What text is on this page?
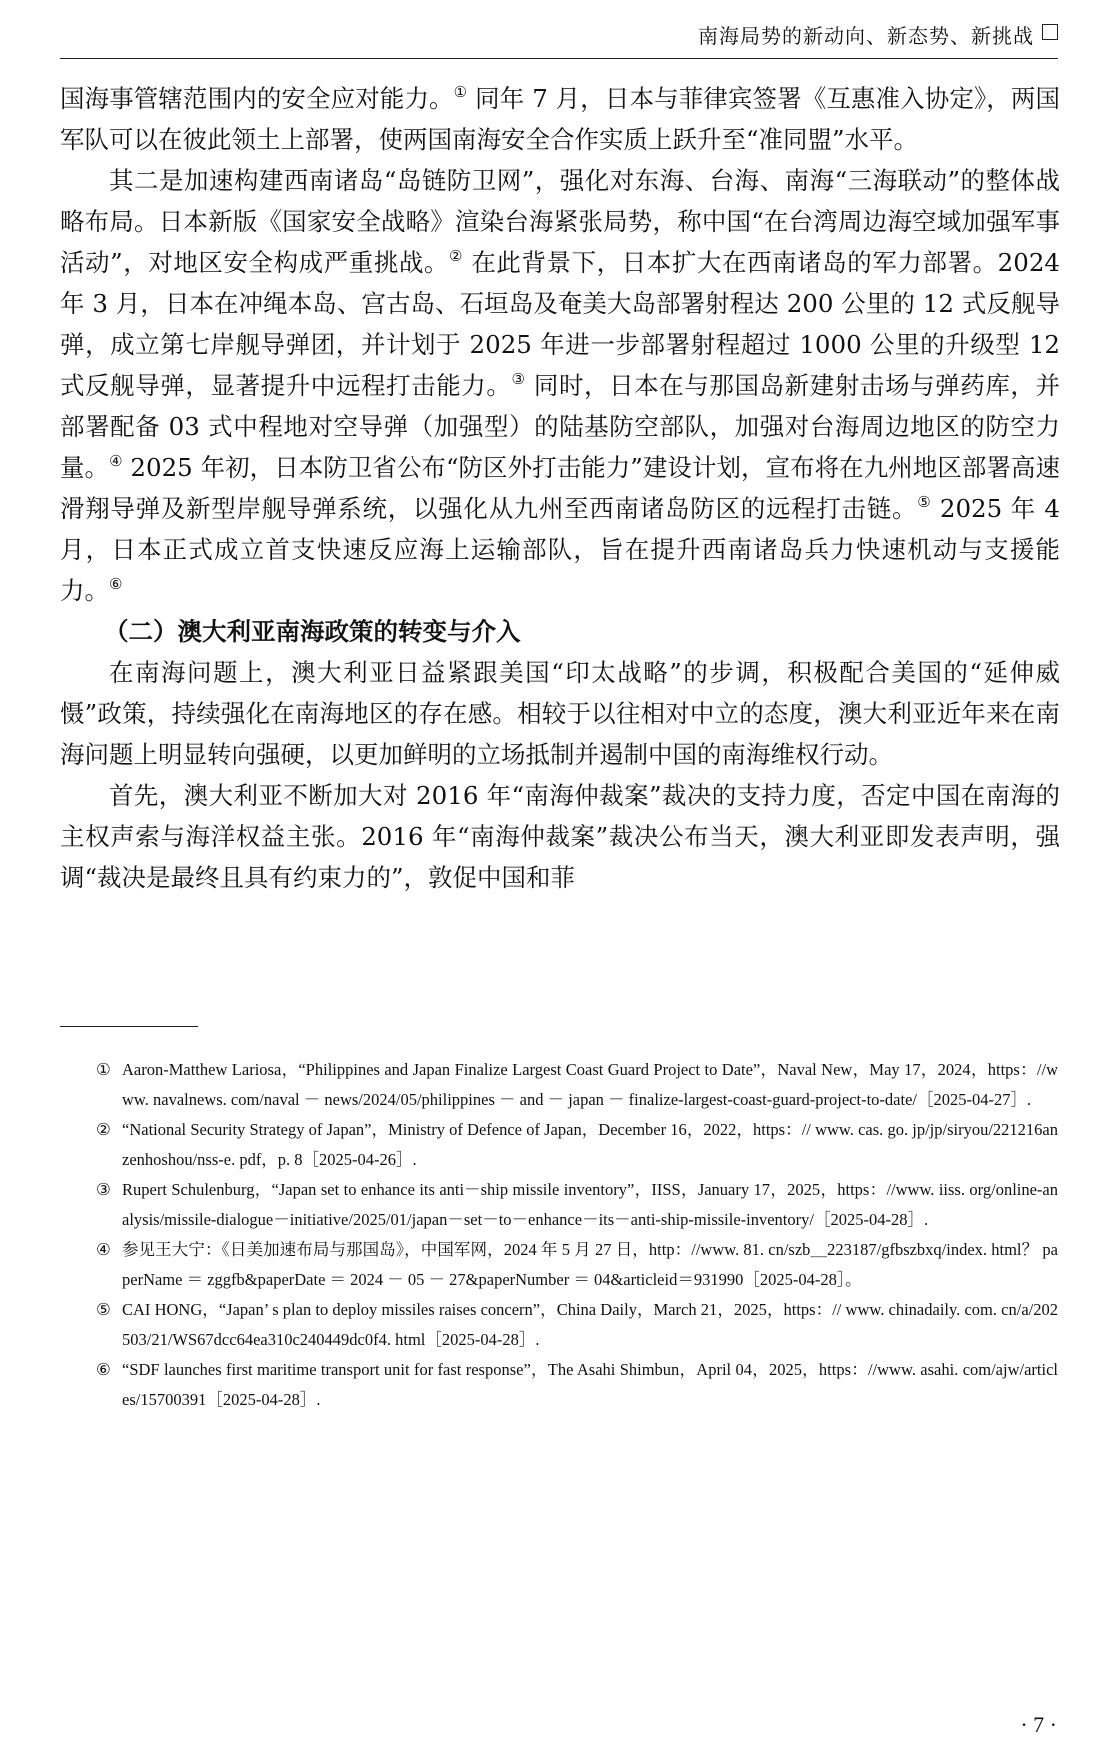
南海局势的新动向、新态势、新挑战

国海事管辖范围内的安全应对能力。① 同年 7 月，日本与菲律宾签署《互惠准入协定》，两国军队可以在彼此领土上部署，使两国南海安全合作实质上跃升至“准同盟”水平。

其二是加速构建西南诸岛“岛链防卫网”，强化对东海、台海、南海“三海联动”的整体战略布局。日本新版《国家安全战略》渲染台海紧张局势，称中国“在台湾周边海空域加强军事活动”，对地区安全构成严重挑战。② 在此背景下，日本扩大在西南诸岛的军力部署。2024 年 3 月，日本在冲绳本岛、宫古岛、石垣岛及奄美大岛部署射程达 200 公里的 12 式反舰导弹，成立第七岸舰导弹团，并计划于 2025 年进一步部署射程超过 1000 公里的升级型 12 式反舰导弹，显著提升中远程打击能力。③ 同时，日本在与那国岛新建射击场与弹药库，并部署配备 03 式中程地对空导弹（加强型）的陆基防空部队，加强对台海周边地区的防空力量。④ 2025 年初，日本防卫省公布“防区外打击能力”建设计划，宣布将在九州地区部署高速滑翔导弹及新型岸舰导弹系统，以强化从九州至西南诸岛防区的远程打击链。⑤ 2025 年 4 月，日本正式成立首支快速反应海上运输部队，旨在提升西南诸岛兵力快速机动与支援能力。⑥

（二）澳大利亚南海政策的转变与介入

在南海问题上，澳大利亚日益紧跟美国“印太战略”的步调，积极配合美国的“延伸威慑”政策，持续强化在南海地区的存在感。相较于以往相对中立的态度，澳大利亚近年来在南海问题上明显转向强硬，以更加鲜明的立场抵制并遏制中国的南海维权行动。

首先，澳大利亚不断加大对 2016 年“南海仲裁案”裁决的支持力度，否定中国在南海的主权声索与海洋权益主张。2016 年“南海仲裁案”裁决公布当天，澳大利亚即发表声明，强调“裁决是最终且具有约束力的”，敦促中国和菲

① Aaron-Matthew Lariosa，“Philippines and Japan Finalize Largest Coast Guard Project to Date”，Naval New，May 17，2024，https：//www. navalnews. com/naval － news/2024/05/philippines － and － japan － finalize-largest-coast-guard-project-to-date/［2025-04-27］.
② “National Security Strategy of Japan”，Ministry of Defence of Japan，December 16，2022，https：// www. cas. go. jp/jp/siryou/221216anzenhoshou/nss-e. pdf，p. 8［2025-04-26］.
③ Rupert Schulenburg，“Japan set to enhance its anti－ship missile inventory”，IISS，January 17，2025，https：//www. iiss. org/online-analysis/missile-dialogue－initiative/2025/01/japan－set－to－enhance－its－anti-ship-missile-inventory/［2025-04-28］.
④ 参见王大宁：《日美加速布局与那国岛》，中国军网，2024 年 5 月 27 日，http：//www. 81. cn/szb＿223187/gfbszbxq/index. html？ paperName ＝ zggfb&paperDate ＝ 2024 － 05 － 27&paperNumber ＝ 04&articleid＝931990［2025-04-28］。
⑤ CAI HONG，“Japan’ s plan to deploy missiles raises concern”，China Daily，March 21，2025，https：// www. chinadaily. com. cn/a/202503/21/WS67dcc64ea310c240449dc0f4. html［2025-04-28］.
⑥ “SDF launches first maritime transport unit for fast response”，The Asahi Shimbun，April 04，2025，https：//www. asahi. com/ajw/articles/15700391［2025-04-28］.
· 7 ·
